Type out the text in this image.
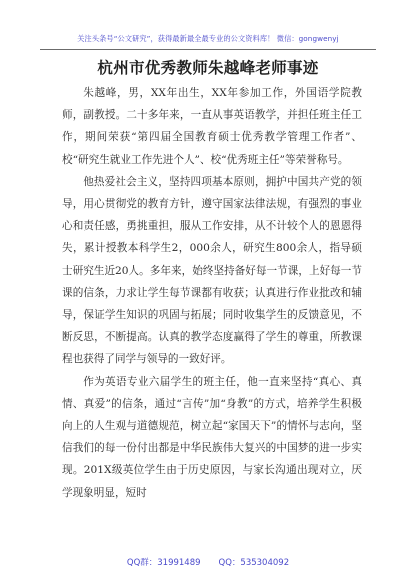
关注头条号“公文研究”，获得最新最全最专业的公文资料库！ 微信：gongwenyj
杭州市优秀教师朱越峰老师事迹

朱越峰，男，XX年出生，XX年参加工作，外国语学院教师，副教授。二十多年来，一直从事英语教学，并担任班主任工作，期间荣获“第四届全国教育硕士优秀教学管理工作者”、校“研究生就业工作先进个人”、校“优秀班主任”等荣誉称号。

他热爱社会主义，坚持四项基本原则，拥护中国共产党的领导，用心贯彻党的教育方针，遵守国家法律法规，有强烈的事业心和责任感，勇挑重担，服从工作安排，从不计较个人的恩恩得失，累计授教本科学生2，000余人，研究生800余人，指导硕士研究生近20人。多年来，始终坚持备好每一节课，上好每一节课的信条，力求让学生每节课都有收获；认真进行作业批改和辅导，保证学生知识的巩固与拓展；同时收集学生的反馈意见，不断反思，不断提高。认真的教学态度赢得了学生的尊重，所教课程也获得了同学与领导的一致好评。

作为英语专业六届学生的班主任，他一直来坚持“真心、真情、真爱”的信条，通过“言传”加“身教”的方式，培养学生积极向上的人生观与道德规范，树立起“家国天下”的情怀与志向，坚信我们的每一份付出都是中华民族伟大复兴的中国梦的进一步实现。201X级英位学生由于历史原因，与家长沟通出现对立，厌学现象明显，短时

QQ群：31991489 QQ：535304092
